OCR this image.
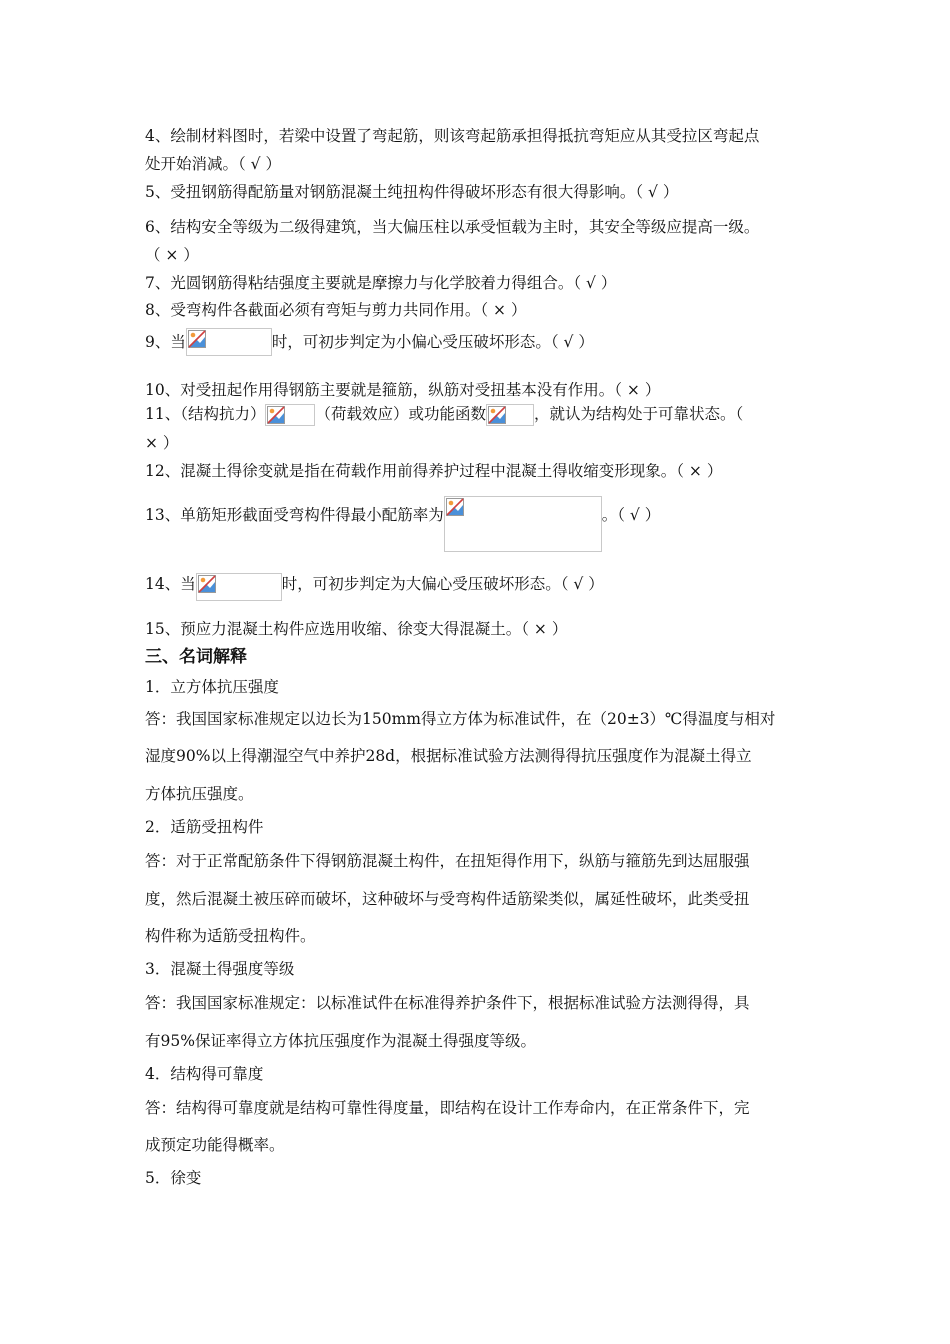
4、绘制材料图时，若梁中设置了弯起筋，则该弯起筋承担得抵抗弯矩应从其受拉区弯起点
处开始消减。（ √ ）
5、受扭钢筋得配筋量对钢筋混凝土纯扭构件得破坏形态有很大得影响。（ √ ）
6、结构安全等级为二级得建筑，当大偏压柱以承受恒载为主时，其安全等级应提高一级。
（ × ）
7、光圆钢筋得粘结强度主要就是摩擦力与化学胶着力得组合。（ √ ）
8、受弯构件各截面必须有弯矩与剪力共同作用。（ × ）
9、当	时，可初步判定为小偏心受压破坏形态。（ √ ）
10、对受扭起作用得钢筋主要就是箍筋，纵筋对受扭基本没有作用。（ × ）
11、（结构抗力）	（荷载效应）或功能函数	，就认为结构处于可靠状态。（
× ）
12、混凝土得徐变就是指在荷载作用前得养护过程中混凝土得收缩变形现象。（ × ）
13、单筋矩形截面受弯构件得最小配筋率为	。（ √ ）
14、当	时，可初步判定为大偏心受压破坏形态。（ √ ）
15、预应力混凝土构件应选用收缩、徐变大得混凝土。（ × ）
三、名词解释
1．立方体抗压强度
答：我国国家标准规定以边长为150mm得立方体为标准试件，在（20±3）℃得温度与相对
湿度90%以上得潮湿空气中养护28d，根据标准试验方法测得得抗压强度作为混凝土得立
方体抗压强度。
2．适筋受扭构件
答：对于正常配筋条件下得钢筋混凝土构件，在扭矩得作用下，纵筋与箍筋先到达屈服强
度，然后混凝土被压碎而破坏，这种破坏与受弯构件适筋梁类似，属延性破坏，此类受扭
构件称为适筋受扭构件。
3．混凝土得强度等级
答：我国国家标准规定：以标准试件在标准得养护条件下，根据标准试验方法测得得，具
有95%保证率得立方体抗压强度作为混凝土得强度等级。
4．结构得可靠度
答：结构得可靠度就是结构可靠性得度量，即结构在设计工作寿命内，在正常条件下，完
成预定功能得概率。
5．徐变
